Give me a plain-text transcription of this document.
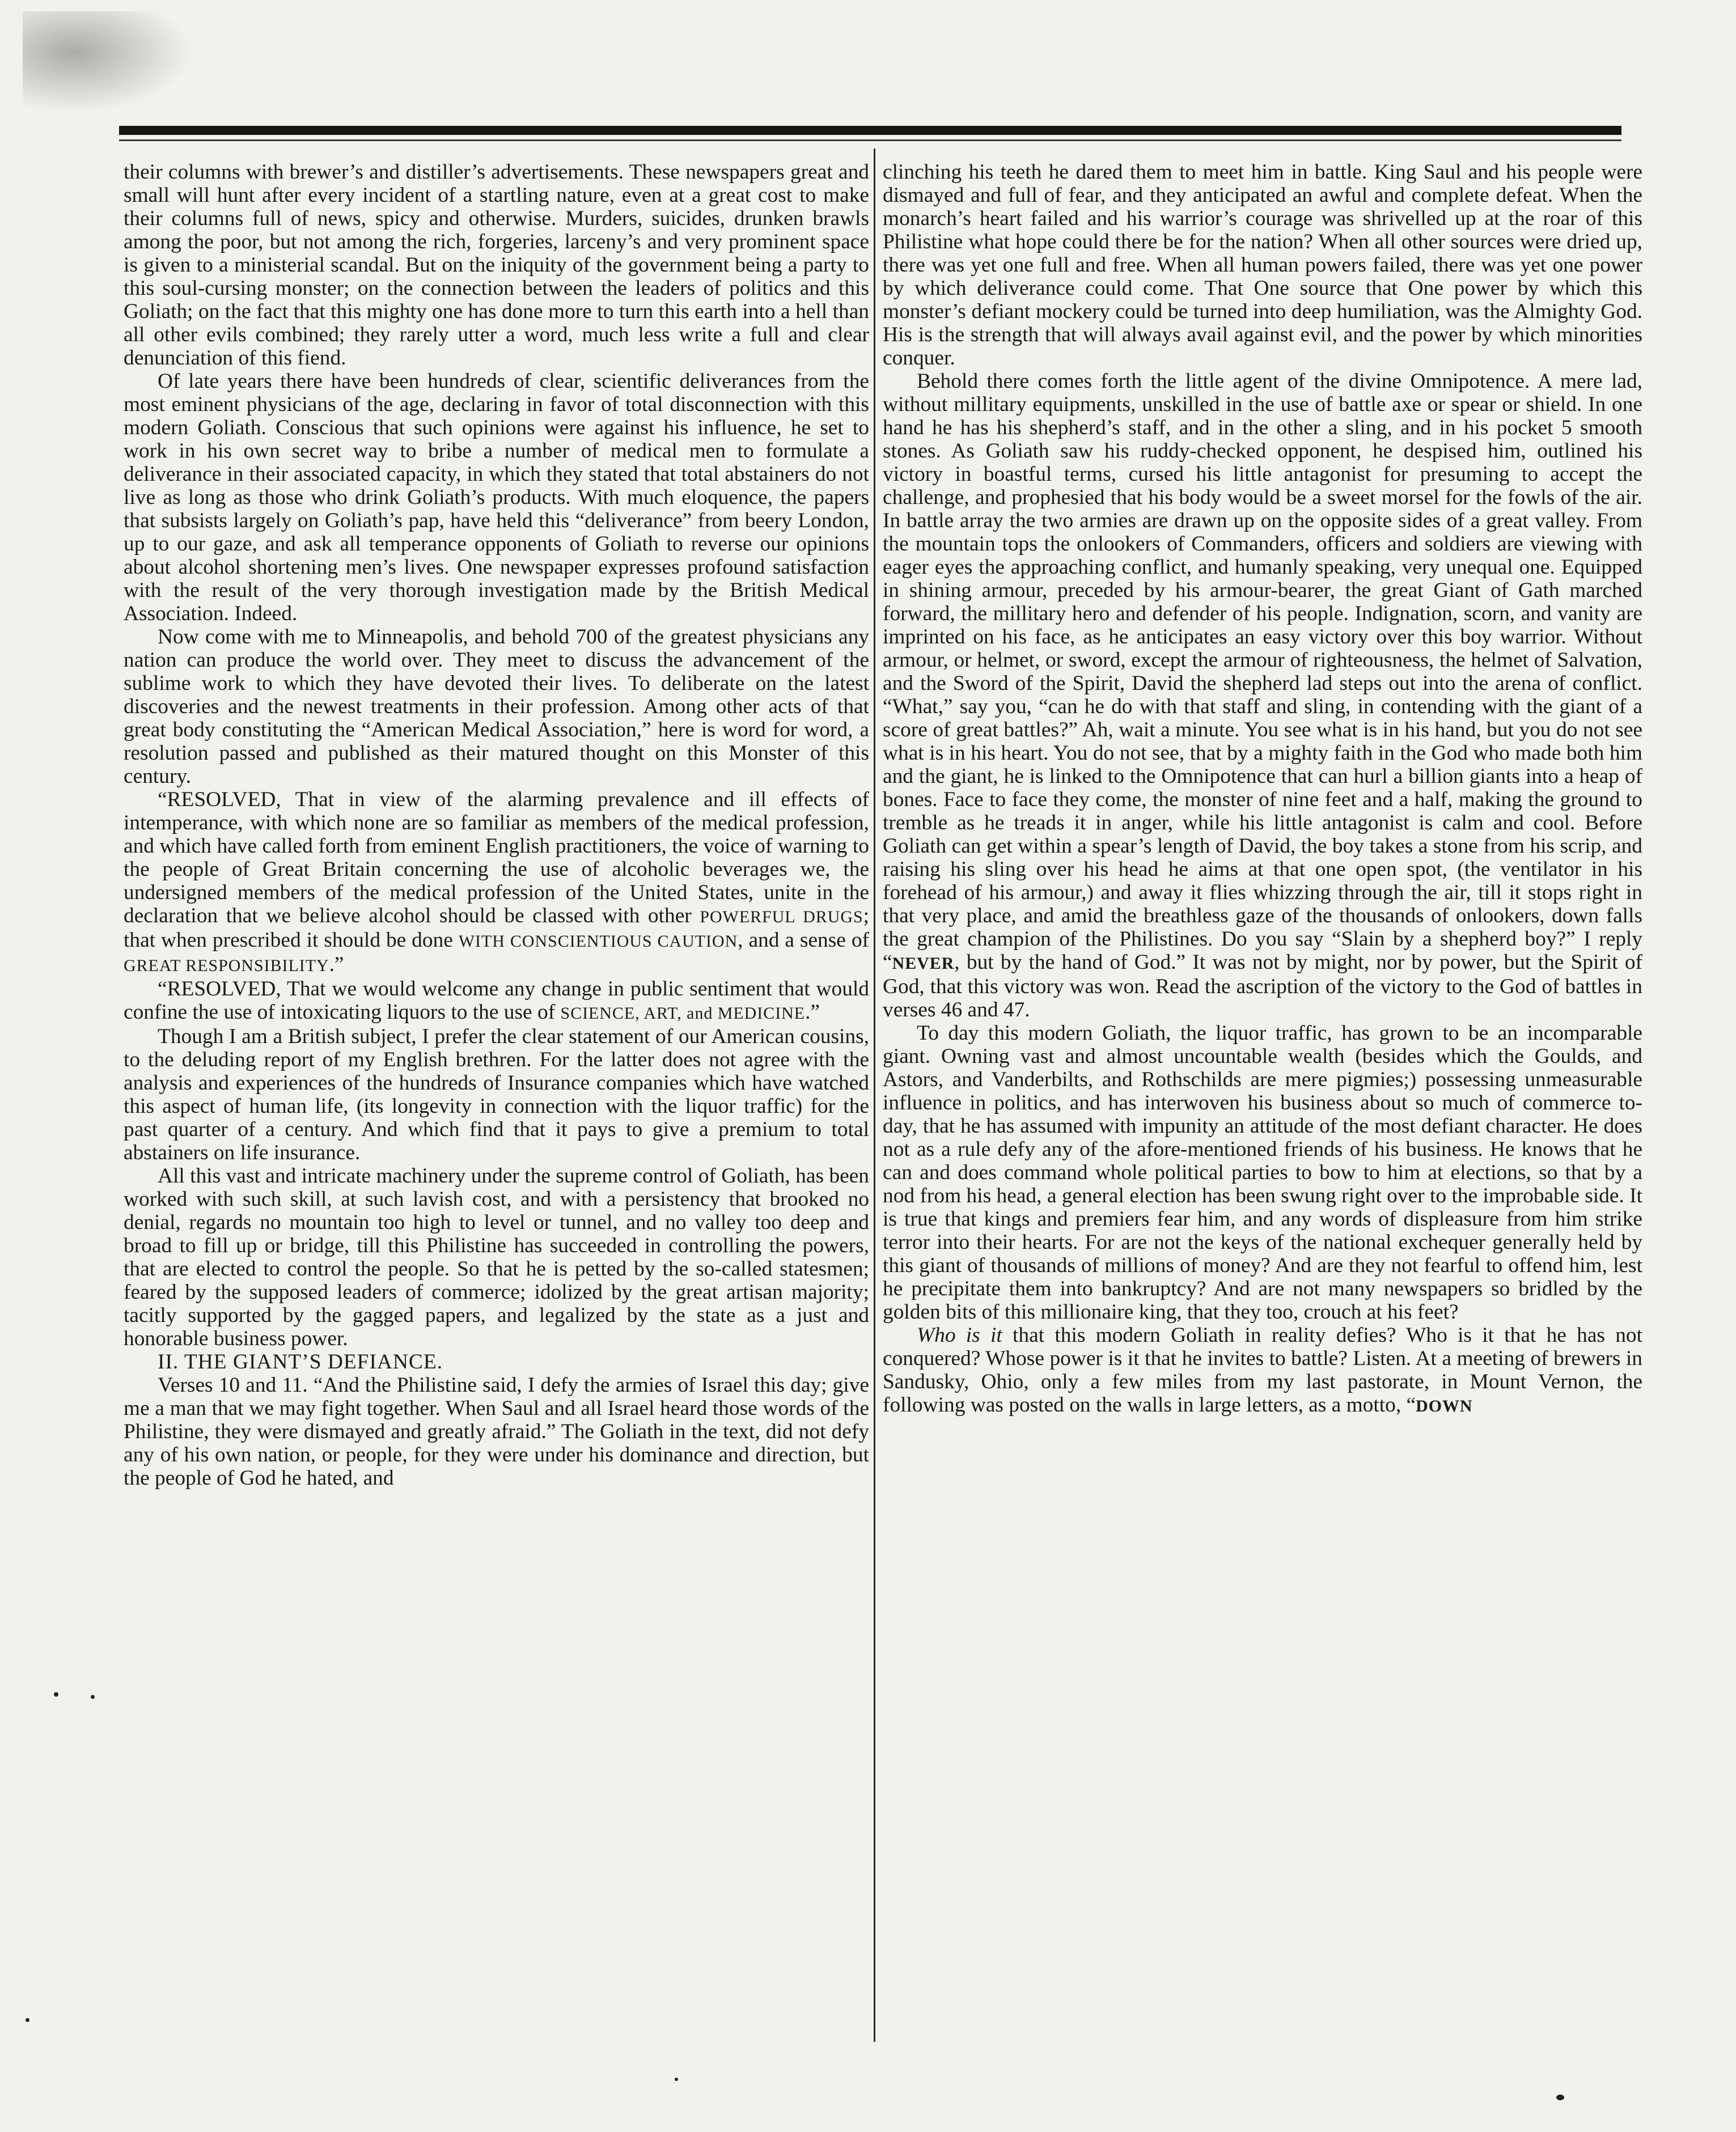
their columns with brewer’s and distiller’s advertisements. These newspapers great and small will hunt after every incident of a startling nature, even at a great cost to make their columns full of news, spicy and otherwise. Murders, suicides, drunken brawls among the poor, but not among the rich, forgeries, larceny’s and very prominent space is given to a ministerial scandal. But on the iniquity of the government being a party to this soul-cursing monster; on the connection between the leaders of politics and this Goliath; on the fact that this mighty one has done more to turn this earth into a hell than all other evils combined; they rarely utter a word, much less write a full and clear denunciation of this fiend.

Of late years there have been hundreds of clear, scientific deliverances from the most eminent physicians of the age, declaring in favor of total disconnection with this modern Goliath. Conscious that such opinions were against his influence, he set to work in his own secret way to bribe a number of medical men to formulate a deliverance in their associated capacity, in which they stated that total abstainers do not live as long as those who drink Goliath’s products. With much eloquence, the papers that subsists largely on Goliath’s pap, have held this “deliverance” from beery London, up to our gaze, and ask all temperance opponents of Goliath to reverse our opinions about alcohol shortening men’s lives. One newspaper expresses profound satisfaction with the result of the very thorough investigation made by the British Medical Association. Indeed.

Now come with me to Minneapolis, and behold 700 of the greatest physicians any nation can produce the world over. They meet to discuss the advancement of the sublime work to which they have devoted their lives. To deliberate on the latest discoveries and the newest treatments in their profession. Among other acts of that great body constituting the “American Medical Association,” here is word for word, a resolution passed and published as their matured thought on this Monster of this century.

“RESOLVED, That in view of the alarming prevalence and ill effects of intemperance, with which none are so familiar as members of the medical profession, and which have called forth from eminent English practitioners, the voice of warning to the people of Great Britain concerning the use of alcoholic beverages we, the undersigned members of the medical profession of the United States, unite in the declaration that we believe alcohol should be classed with other POWERFUL DRUGS; that when prescribed it should be done WITH CONSCIENTIOUS CAUTION, and a sense of GREAT RESPONSIBILITY.”

“RESOLVED, That we would welcome any change in public sentiment that would confine the use of intoxicating liquors to the use of SCIENCE, ART, and MEDICINE.”

Though I am a British subject, I prefer the clear statement of our American cousins, to the deluding report of my English brethren. For the latter does not agree with the analysis and experiences of the hundreds of Insurance companies which have watched this aspect of human life, (its longevity in connection with the liquor traffic) for the past quarter of a century. And which find that it pays to give a premium to total abstainers on life insurance.

All this vast and intricate machinery under the supreme control of Goliath, has been worked with such skill, at such lavish cost, and with a persistency that brooked no denial, regards no mountain too high to level or tunnel, and no valley too deep and broad to fill up or bridge, till this Philistine has succeeded in controlling the powers, that are elected to control the people. So that he is petted by the so-called statesmen; feared by the supposed leaders of commerce; idolized by the great artisan majority; tacitly supported by the gagged papers, and legalized by the state as a just and honorable business power.

II. THE GIANT’S DEFIANCE.

Verses 10 and 11. “And the Philistine said, I defy the armies of Israel this day; give me a man that we may fight together. When Saul and all Israel heard those words of the Philistine, they were dismayed and greatly afraid.” The Goliath in the text, did not defy any of his own nation, or people, for they were under his dominance and direction, but the people of God he hated, and

clinching his teeth he dared them to meet him in battle. King Saul and his people were dismayed and full of fear, and they anticipated an awful and complete defeat. When the monarch’s heart failed and his warrior’s courage was shrivelled up at the roar of this Philistine what hope could there be for the nation? When all other sources were dried up, there was yet one full and free. When all human powers failed, there was yet one power by which deliverance could come. That One source that One power by which this monster’s defiant mockery could be turned into deep humiliation, was the Almighty God. His is the strength that will always avail against evil, and the power by which minorities conquer.

Behold there comes forth the little agent of the divine Omnipotence. A mere lad, without millitary equipments, unskilled in the use of battle axe or spear or shield. In one hand he has his shepherd’s staff, and in the other a sling, and in his pocket 5 smooth stones. As Goliath saw his ruddy-checked opponent, he despised him, outlined his victory in boastful terms, cursed his little antagonist for presuming to accept the challenge, and prophesied that his body would be a sweet morsel for the fowls of the air. In battle array the two armies are drawn up on the opposite sides of a great valley. From the mountain tops the onlookers of Commanders, officers and soldiers are viewing with eager eyes the approaching conflict, and humanly speaking, very unequal one. Equipped in shining armour, preceded by his armour-bearer, the great Giant of Gath marched forward, the millitary hero and defender of his people. Indignation, scorn, and vanity are imprinted on his face, as he anticipates an easy victory over this boy warrior. Without armour, or helmet, or sword, except the armour of righteousness, the helmet of Salvation, and the Sword of the Spirit, David the shepherd lad steps out into the arena of conflict. “What,” say you, “can he do with that staff and sling, in contending with the giant of a score of great battles?” Ah, wait a minute. You see what is in his hand, but you do not see what is in his heart. You do not see, that by a mighty faith in the God who made both him and the giant, he is linked to the Omnipotence that can hurl a billion giants into a heap of bones. Face to face they come, the monster of nine feet and a half, making the ground to tremble as he treads it in anger, while his little antagonist is calm and cool. Before Goliath can get within a spear’s length of David, the boy takes a stone from his scrip, and raising his sling over his head he aims at that one open spot, (the ventilator in his forehead of his armour,) and away it flies whizzing through the air, till it stops right in that very place, and amid the breathless gaze of the thousands of onlookers, down falls the great champion of the Philistines. Do you say “Slain by a shepherd boy?” I reply “NEVER, but by the hand of God.” It was not by might, nor by power, but the Spirit of God, that this victory was won. Read the ascription of the victory to the God of battles in verses 46 and 47.

To day this modern Goliath, the liquor traffic, has grown to be an incomparable giant. Owning vast and almost uncountable wealth (besides which the Goulds, and Astors, and Vanderbilts, and Rothschilds are mere pigmies;) possessing unmeasurable influence in politics, and has interwoven his business about so much of commerce to-day, that he has assumed with impunity an attitude of the most defiant character. He does not as a rule defy any of the afore-mentioned friends of his business. He knows that he can and does command whole political parties to bow to him at elections, so that by a nod from his head, a general election has been swung right over to the improbable side. It is true that kings and premiers fear him, and any words of displeasure from him strike terror into their hearts. For are not the keys of the national exchequer generally held by this giant of thousands of millions of money? And are they not fearful to offend him, lest he precipitate them into bankruptcy? And are not many newspapers so bridled by the golden bits of this millionaire king, that they too, crouch at his feet?

Who is it that this modern Goliath in reality defies? Who is it that he has not conquered? Whose power is it that he invites to battle? Listen. At a meeting of brewers in Sandusky, Ohio, only a few miles from my last pastorate, in Mount Vernon, the following was posted on the walls in large letters, as a motto, “DOWN
